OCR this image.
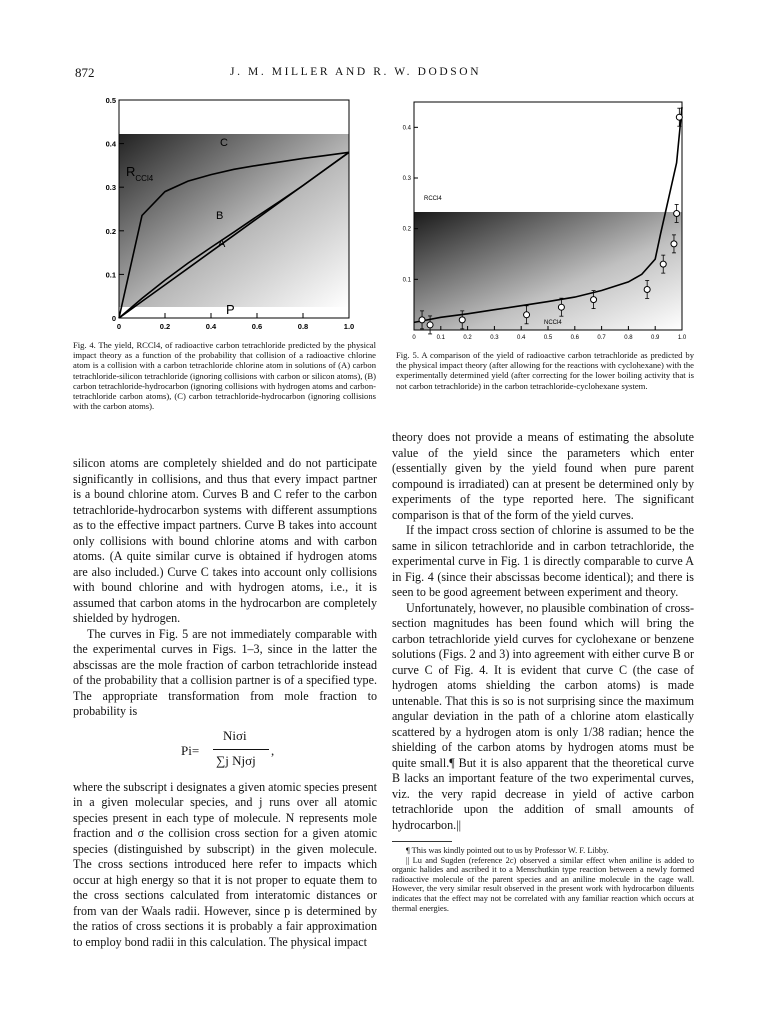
872	J. M. MILLER AND R. W. DODSON
0.5
0.4
0.3
0.2
0.1
0
0	0.2	0.4	0.6	0.8	1.0
$R_{CCl4}$
P
C
B
A
Fig. 4. The yield, RCCl4, of radioactive carbon tetrachloride predicted by the physical impact theory as a function of the probability that collision of a radioactive chlorine atom is a collision with a carbon tetrachloride chlorine atom in solutions of (A) carbon tetrachloride-silicon tetrachloride (ignoring collisions with carbon or silicon atoms), (B) carbon tetrachloride-hydrocarbon (ignoring collisions with hydrogen atoms and carbon-tetrachloride carbon atoms), (C) carbon tetrachloride-hydrocarbon (ignoring collisions with the carbon atoms).
0.4
0.3
0.2
0.1
0	0.1	0.2	0.3	0.4	0.5	0.6	0.7	0.8	0.9	1.0
RCCl4
NCCl4
Fig. 5. A comparison of the yield of radioactive carbon tetrachloride as predicted by the physical impact theory (after allowing for the reactions with cyclohexane) with the experimentally determined yield (after correcting for the lower boiling activity that is not carbon tetrachloride) in the carbon tetrachloride-cyclohexane system.

silicon atoms are completely shielded and do not participate significantly in collisions, and thus that every impact partner is a bound chlorine atom. Curves B and C refer to the carbon tetrachloride-hydrocarbon systems with different assumptions as to the effective impact partners. Curve B takes into account only collisions with bound chlorine atoms and with carbon atoms. (A quite similar curve is obtained if hydrogen atoms are also included.) Curve C takes into account only collisions with bound chlorine and with hydrogen atoms, i.e., it is assumed that carbon atoms in the hydrocarbon are completely shielded by hydrogen.

The curves in Fig. 5 are not immediately comparable with the experimental curves in Figs. 1–3, since in the latter the abscissas are the mole fraction of carbon tetrachloride instead of the probability that a collision partner is of a specified type. The appropriate transformation from mole fraction to probability is

Pi=
Niσi
∑j Njσj
,

where the subscript i designates a given atomic species present in a given molecular species, and j runs over all atomic species present in each type of molecule. N represents mole fraction and σ the collision cross section for a given atomic species (distinguished by subscript) in the given molecule. The cross sections introduced here refer to impacts which occur at high energy so that it is not proper to equate them to the cross sections calculated from interatomic distances or from van der Waals radii. However, since p is determined by the ratios of cross sections it is probably a fair approximation to employ bond radii in this calculation. The physical impact

theory does not provide a means of estimating the absolute value of the yield since the parameters which enter (essentially given by the yield found when pure parent compound is irradiated) can at present be determined only by experiments of the type reported here. The significant comparison is that of the form of the yield curves.

If the impact cross section of chlorine is assumed to be the same in silicon tetrachloride and in carbon tetrachloride, the experimental curve in Fig. 1 is directly comparable to curve A in Fig. 4 (since their abscissas become identical); and there is seen to be good agreement between experiment and theory.

Unfortunately, however, no plausible combination of cross-section magnitudes has been found which will bring the carbon tetrachloride yield curves for cyclohexane or benzene solutions (Figs. 2 and 3) into agreement with either curve B or curve C of Fig. 4. It is evident that curve C (the case of hydrogen atoms shielding the carbon atoms) is made untenable. That this is so is not surprising since the maximum angular deviation in the path of a chlorine atom elastically scattered by a hydrogen atom is only 1/38 radian; hence the shielding of the carbon atoms by hydrogen atoms must be quite small.¶ But it is also apparent that the theoretical curve B lacks an important feature of the two experimental curves, viz. the very rapid decrease in yield of active carbon tetrachloride upon the addition of small amounts of hydrocarbon.||

¶ This was kindly pointed out to us by Professor W. F. Libby.

|| Lu and Sugden (reference 2c) observed a similar effect when aniline is added to organic halides and ascribed it to a Menschutkin type reaction between a newly formed radioactive molecule of the parent species and an aniline molecule in the cage wall. However, the very similar result observed in the present work with hydrocarbon diluents indicates that the effect may not be correlated with any familiar reaction which occurs at thermal energies.
